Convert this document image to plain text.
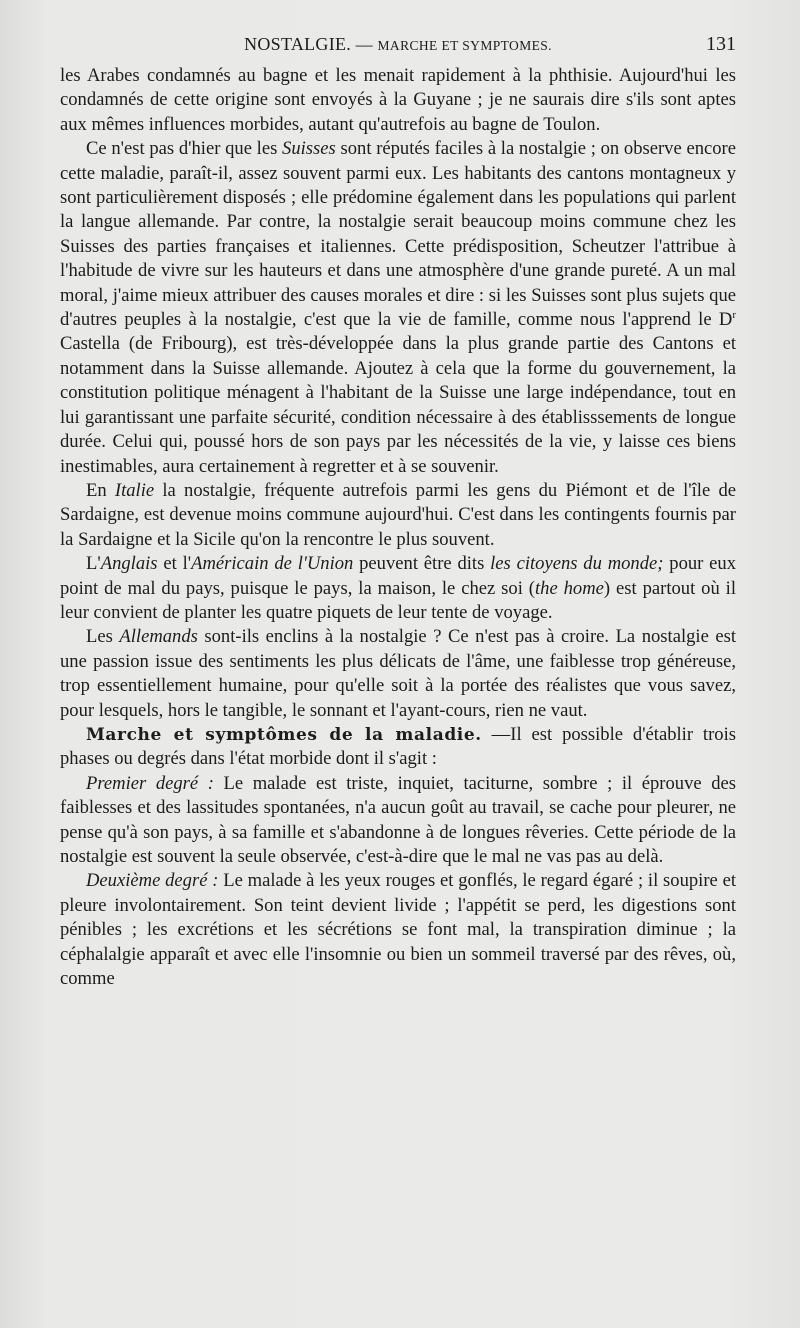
NOSTALGIE. — MARCHE ET SYMPTOMES.	131

les Arabes condamnés au bagne et les menait rapidement à la phthisie. Aujourd'hui les condamnés de cette origine sont envoyés à la Guyane ; je ne saurais dire s'ils sont aptes aux mêmes influences morbides, autant qu'autrefois au bagne de Toulon.

Ce n'est pas d'hier que les Suisses sont réputés faciles à la nostalgie ; on observe encore cette maladie, paraît-il, assez souvent parmi eux. Les habitants des cantons montagneux y sont particulièrement disposés ; elle prédomine également dans les populations qui parlent la langue allemande. Par contre, la nostalgie serait beaucoup moins commune chez les Suisses des parties françaises et italiennes. Cette prédisposition, Scheutzer l'attribue à l'habitude de vivre sur les hauteurs et dans une atmosphère d'une grande pureté. A un mal moral, j'aime mieux attribuer des causes morales et dire : si les Suisses sont plus sujets que d'autres peuples à la nostalgie, c'est que la vie de famille, comme nous l'apprend le $D^r$ Castella (de Fribourg), est très-développée dans la plus grande partie des Cantons et notamment dans la Suisse allemande. Ajoutez à cela que la forme du gouvernement, la constitution politique ménagent à l'habitant de la Suisse une large indépendance, tout en lui garantissant une parfaite sécurité, condition nécessaire à des établisssements de longue durée. Celui qui, poussé hors de son pays par les nécessités de la vie, y laisse ces biens inestimables, aura certainement à regretter et à se souvenir.

En Italie la nostalgie, fréquente autrefois parmi les gens du Piémont et de l'île de Sardaigne, est devenue moins commune aujourd'hui. C'est dans les contingents fournis par la Sardaigne et la Sicile qu'on la rencontre le plus souvent.

L'Anglais et l'Américain de l'Union peuvent être dits les citoyens du monde; pour eux point de mal du pays, puisque le pays, la maison, le chez soi (the home) est partout où il leur convient de planter les quatre piquets de leur tente de voyage.

Les Allemands sont-ils enclins à la nostalgie ? Ce n'est pas à croire. La nostalgie est une passion issue des sentiments les plus délicats de l'âme, une faiblesse trop généreuse, trop essentiellement humaine, pour qu'elle soit à la portée des réalistes que vous savez, pour lesquels, hors le tangible, le sonnant et l'ayant-cours, rien ne vaut.

Marche et symptômes de la maladie. —Il est possible d'établir trois phases ou degrés dans l'état morbide dont il s'agit :

Premier degré : Le malade est triste, inquiet, taciturne, sombre ; il éprouve des faiblesses et des lassitudes spontanées, n'a aucun goût au travail, se cache pour pleurer, ne pense qu'à son pays, à sa famille et s'abandonne à de longues rêveries. Cette période de la nostalgie est souvent la seule observée, c'est-à-dire que le mal ne vas pas au delà.

Deuxième degré : Le malade à les yeux rouges et gonflés, le regard égaré ; il soupire et pleure involontairement. Son teint devient livide ; l'appétit se perd, les digestions sont pénibles ; les excrétions et les sécrétions se font mal, la transpiration diminue ; la céphalalgie apparaît et avec elle l'insomnie ou bien un sommeil traversé par des rêves, où, comme
